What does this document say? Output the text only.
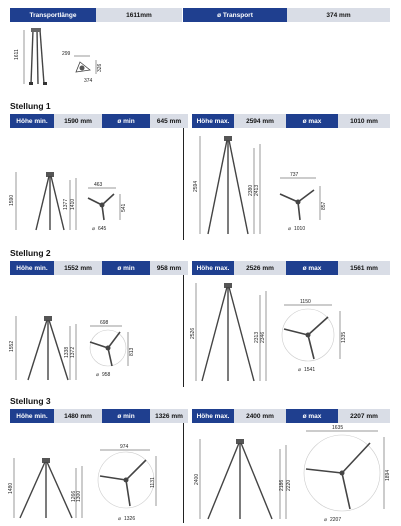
Transportlänge	1611mm	ø Transport	374 mm
1611	299
326
374
Stellung 1
Höhe min.	1590 mm	ø min	645 mm	Höhe max.	2594 mm	ø max	1010 mm
1590	1377 1410
463
541
⌀ 645
2594	2380 2413
737
857
⌀ 1010
Stellung 2
Höhe min.	1552 mm	ø min	958 mm	Höhe max.	2526 mm	ø max	1561 mm
1552
1338 1372
698
813
⌀ 958
2526	2313 2346
1150
1335
⌀ 1541
Stellung 3
Höhe min.	1480 mm	ø min	1326 mm	Höhe max.	2400 mm	ø max	2207 mm
1480
1266 1300
974
1131
⌀ 1326
2400
2186 2220
1635
1894
⌀ 2207
